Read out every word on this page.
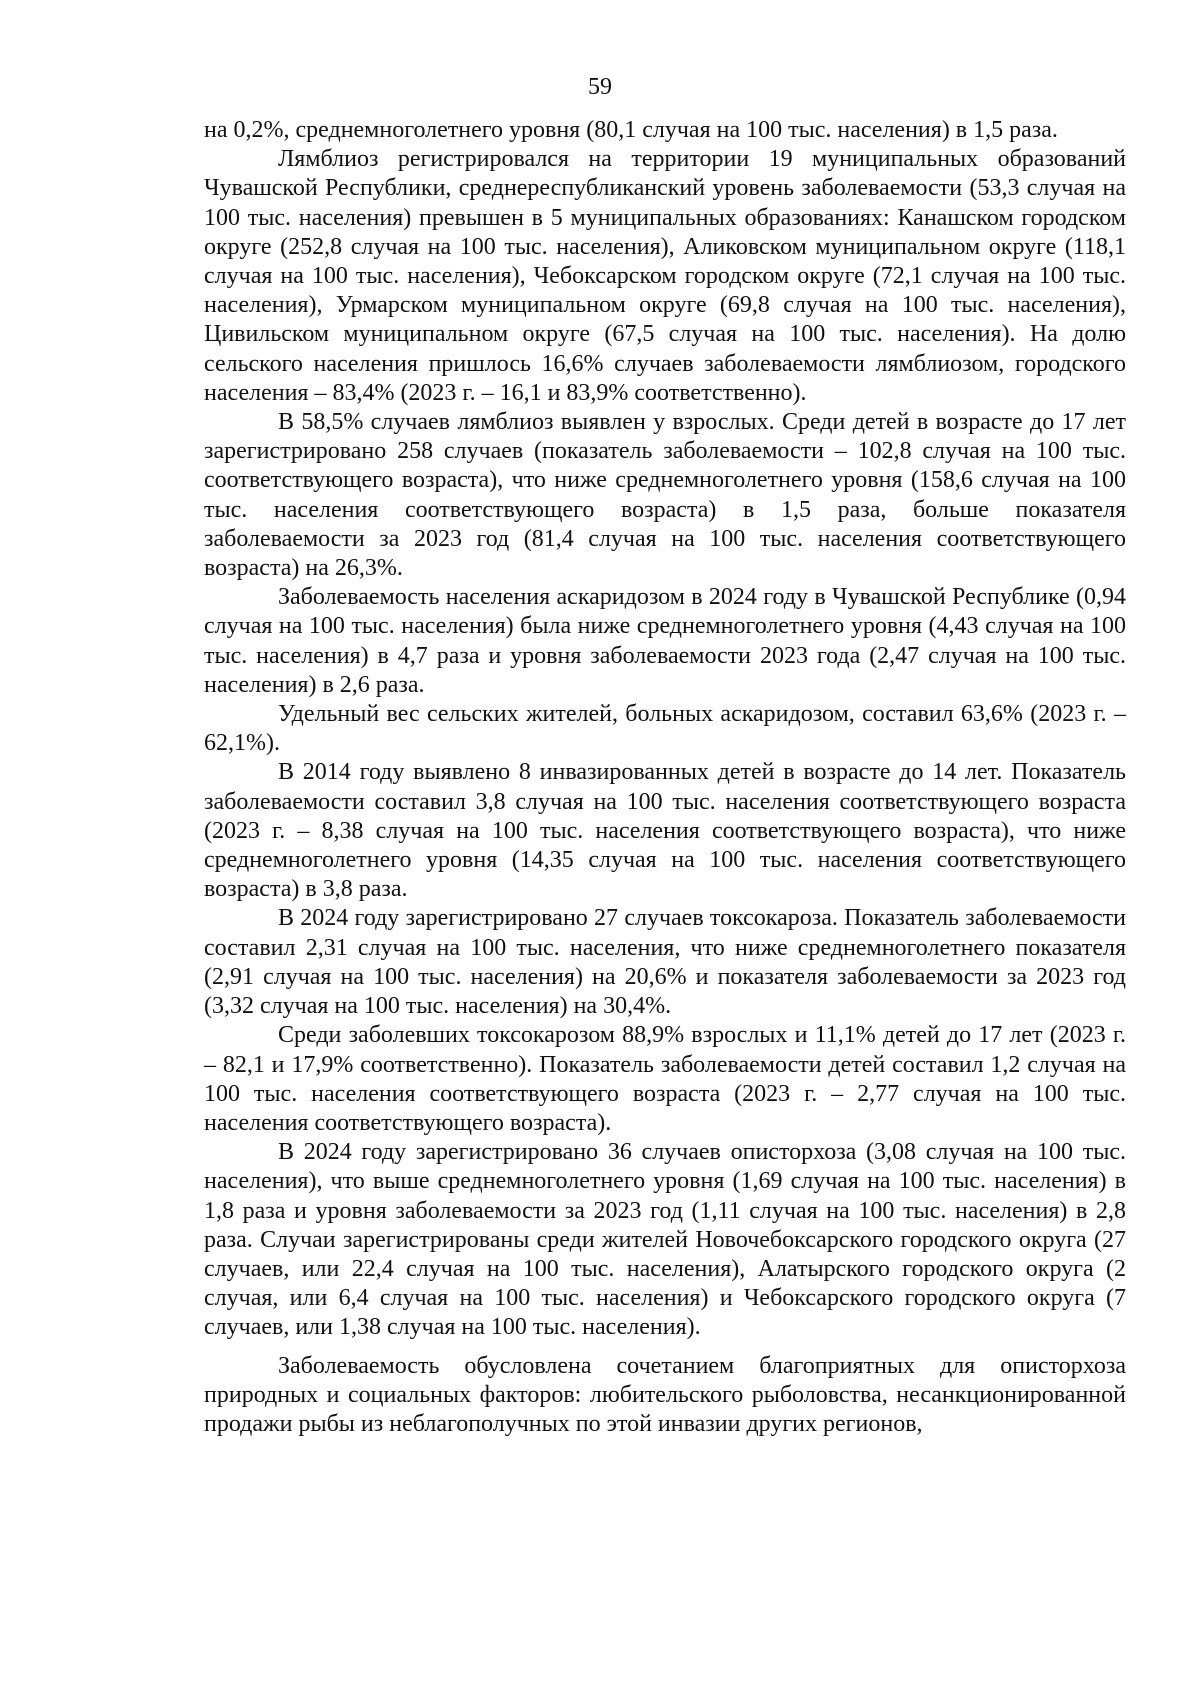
59

на 0,2%, среднемноголетнего уровня (80,1 случая на 100 тыс. населения) в 1,5 раза.

Лямблиоз регистрировался на территории 19 муниципальных образований Чувашской Республики, среднереспубликанский уровень заболеваемости (53,3 случая на 100 тыс. населения) превышен в 5 муниципальных образованиях: Канашском городском округе (252,8 случая на 100 тыс. населения), Аликовском муниципальном округе (118,1 случая на 100 тыс. населения), Чебоксарском городском округе (72,1 случая на 100 тыс. населения), Урмарском муниципальном округе (69,8 случая на 100 тыс. населения), Цивильском муниципальном округе (67,5 случая на 100 тыс. населения). На долю сельского населения пришлось 16,6% случаев заболеваемости лямблиозом, городского населения – 83,4% (2023 г. – 16,1 и 83,9% соответственно).

В 58,5% случаев лямблиоз выявлен у взрослых. Среди детей в возрасте до 17 лет зарегистрировано 258 случаев (показатель заболеваемости – 102,8 случая на 100 тыс. соответствующего возраста), что ниже среднемноголетнего уровня (158,6 случая на 100 тыс. населения соответствующего возраста) в 1,5 раза, больше показателя заболеваемости за 2023 год (81,4 случая на 100 тыс. населения соответствующего возраста) на 26,3%.

Заболеваемость населения аскаридозом в 2024 году в Чувашской Республике (0,94 случая на 100 тыс. населения) была ниже среднемноголетнего уровня (4,43 случая на 100 тыс. населения) в 4,7 раза и уровня заболеваемости 2023 года (2,47 случая на 100 тыс. населения) в 2,6 раза.

Удельный вес сельских жителей, больных аскаридозом, составил 63,6% (2023 г. – 62,1%).

В 2014 году выявлено 8 инвазированных детей в возрасте до 14 лет. Показатель заболеваемости составил 3,8 случая на 100 тыс. населения соответствующего возраста (2023 г. – 8,38 случая на 100 тыс. населения соответствующего возраста), что ниже среднемноголетнего уровня (14,35 случая на 100 тыс. населения соответствующего возраста) в 3,8 раза.

В 2024 году зарегистрировано 27 случаев токсокароза. Показатель заболеваемости составил 2,31 случая на 100 тыс. населения, что ниже среднемноголетнего показателя (2,91 случая на 100 тыс. населения) на 20,6% и показателя заболеваемости за 2023 год (3,32 случая на 100 тыс. населения) на 30,4%.

Среди заболевших токсокарозом 88,9% взрослых и 11,1% детей до 17 лет (2023 г. – 82,1 и 17,9% соответственно). Показатель заболеваемости детей составил 1,2 случая на 100 тыс. населения соответствующего возраста (2023 г. – 2,77 случая на 100 тыс. населения соответствующего возраста).

В 2024 году зарегистрировано 36 случаев описторхоза (3,08 случая на 100 тыс. населения), что выше среднемноголетнего уровня (1,69 случая на 100 тыс. населения) в 1,8 раза и уровня заболеваемости за 2023 год (1,11 случая на 100 тыс. населения) в 2,8 раза. Случаи зарегистрированы среди жителей Новочебоксарского городского округа (27 случаев, или 22,4 случая на 100 тыс. населения), Алатырского городского округа (2 случая, или 6,4 случая на 100 тыс. населения) и Чебоксарского городского округа (7 случаев, или 1,38 случая на 100 тыс. населения).

Заболеваемость обусловлена сочетанием благоприятных для описторхоза природных и социальных факторов: любительского рыболовства, несанкционированной продажи рыбы из неблагополучных по этой инвазии других регионов,
